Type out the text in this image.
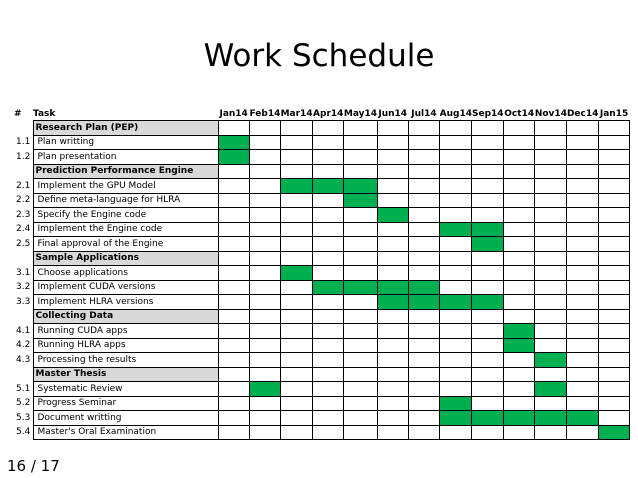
Work Schedule
#	Task	Jan14	Feb14	Mar14	Apr14	May14	Jun14	Jul14	Aug14	Sep14	Oct14	Nov14	Dec14	Jan15
	Research Plan (PEP)													
1.1	Plan writting													
1.2	Plan presentation													
	Prediction Performance Engine													
2.1	Implement the GPU Model													
2.2	Define meta-language for HLRA													
2.3	Specify the Engine code													
2.4	Implement the Engine code													
2.5	Final approval of the Engine													
	Sample Applications													
3.1	Choose applications													
3.2	Implement CUDA versions													
3.3	Implement HLRA versions													
	Collecting Data													
4.1	Running CUDA apps													
4.2	Running HLRA apps													
4.3	Processing the results													
	Master Thesis													
5.1	Systematic Review													
5.2	Progress Seminar													
5.3	Document writting													
5.4	Master's Oral Examination													
16 / 17
